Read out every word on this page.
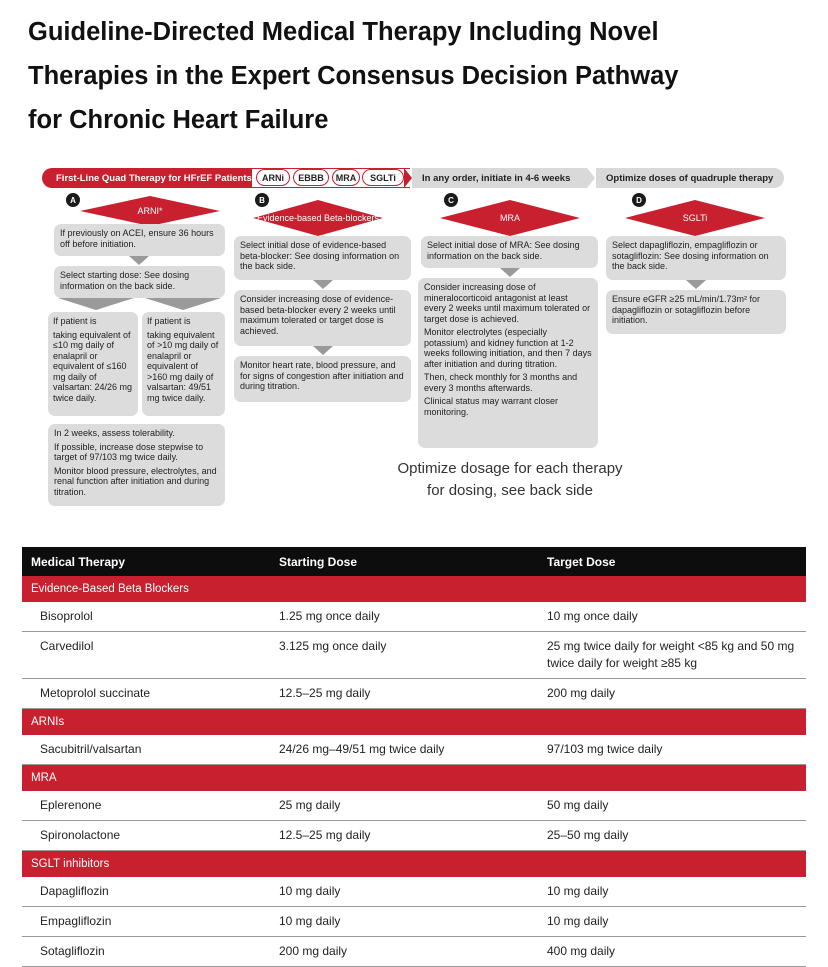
Guideline-Directed Medical Therapy Including Novel
Therapies in the Expert Consensus Decision Pathway
for Chronic Heart Failure
First-Line Quad Therapy for HFrEF Patients	ARNi	EBBB	MRA	SGLTi	In any order, initiate in 4-6 weeks	Optimize doses of quadruple therapy
A
ARNI*
If previously on ACEI, ensure 36 hours off before initiation.
Select starting dose: See dosing information on the back side.

If patient is

taking equivalent of ≤10 mg daily of enalapril or equivalent of ≤160 mg daily of valsartan: 24/26 mg twice daily.

If patient is

taking equivalent of >10 mg daily of enalapril or equivalent of >160 mg daily of valsartan: 49/51 mg twice daily.

In 2 weeks, assess tolerability.

If possible, increase dose stepwise to target of 97/103 mg twice daily.

Monitor blood pressure, electrolytes, and renal function after initiation and during titration.

B
Evidence-based Beta-blockers
Select initial dose of evidence-based beta-blocker: See dosing information on the back side.
Consider increasing dose of evidence-based beta-blocker every 2 weeks until maximum tolerated or target dose is achieved.
Monitor heart rate, blood pressure, and for signs of congestion after initiation and during titration.
C
MRA
Select initial dose of MRA: See dosing information on the back side.

Consider increasing dose of mineralocorticoid antagonist at least every 2 weeks until maximum tolerated or target dose is achieved.

Monitor electrolytes (especially potassium) and kidney function at 1-2 weeks following initiation, and then 7 days after initiation and during titration.

Then, check monthly for 3 months and every 3 months afterwards.

Clinical status may warrant closer monitoring.

D
SGLTi
Select dapagliflozin, empagliflozin or sotagliflozin: See dosing information on the back side.
Ensure eGFR ≥25 mL/min/1.73m² for dapagliflozin or sotagliflozin before initiation.
Optimize dosage for each therapy
for dosing, see back side
Medical Therapy	Starting Dose	Target Dose
Evidence-Based Beta Blockers
Bisoprolol	1.25 mg once daily	10 mg once daily
Carvedilol	3.125 mg once daily	25 mg twice daily for weight <85 kg and 50 mg twice daily for weight ≥85 kg
Metoprolol succinate	12.5–25 mg daily	200 mg daily
ARNIs
Sacubitril/valsartan	24/26 mg–49/51 mg twice daily	97/103 mg twice daily
MRA
Eplerenone	25 mg daily	50 mg daily
Spironolactone	12.5–25 mg daily	25–50 mg daily
SGLT inhibitors
Dapagliflozin	10 mg daily	10 mg daily
Empagliflozin	10 mg daily	10 mg daily
Sotagliflozin	200 mg daily	400 mg daily
